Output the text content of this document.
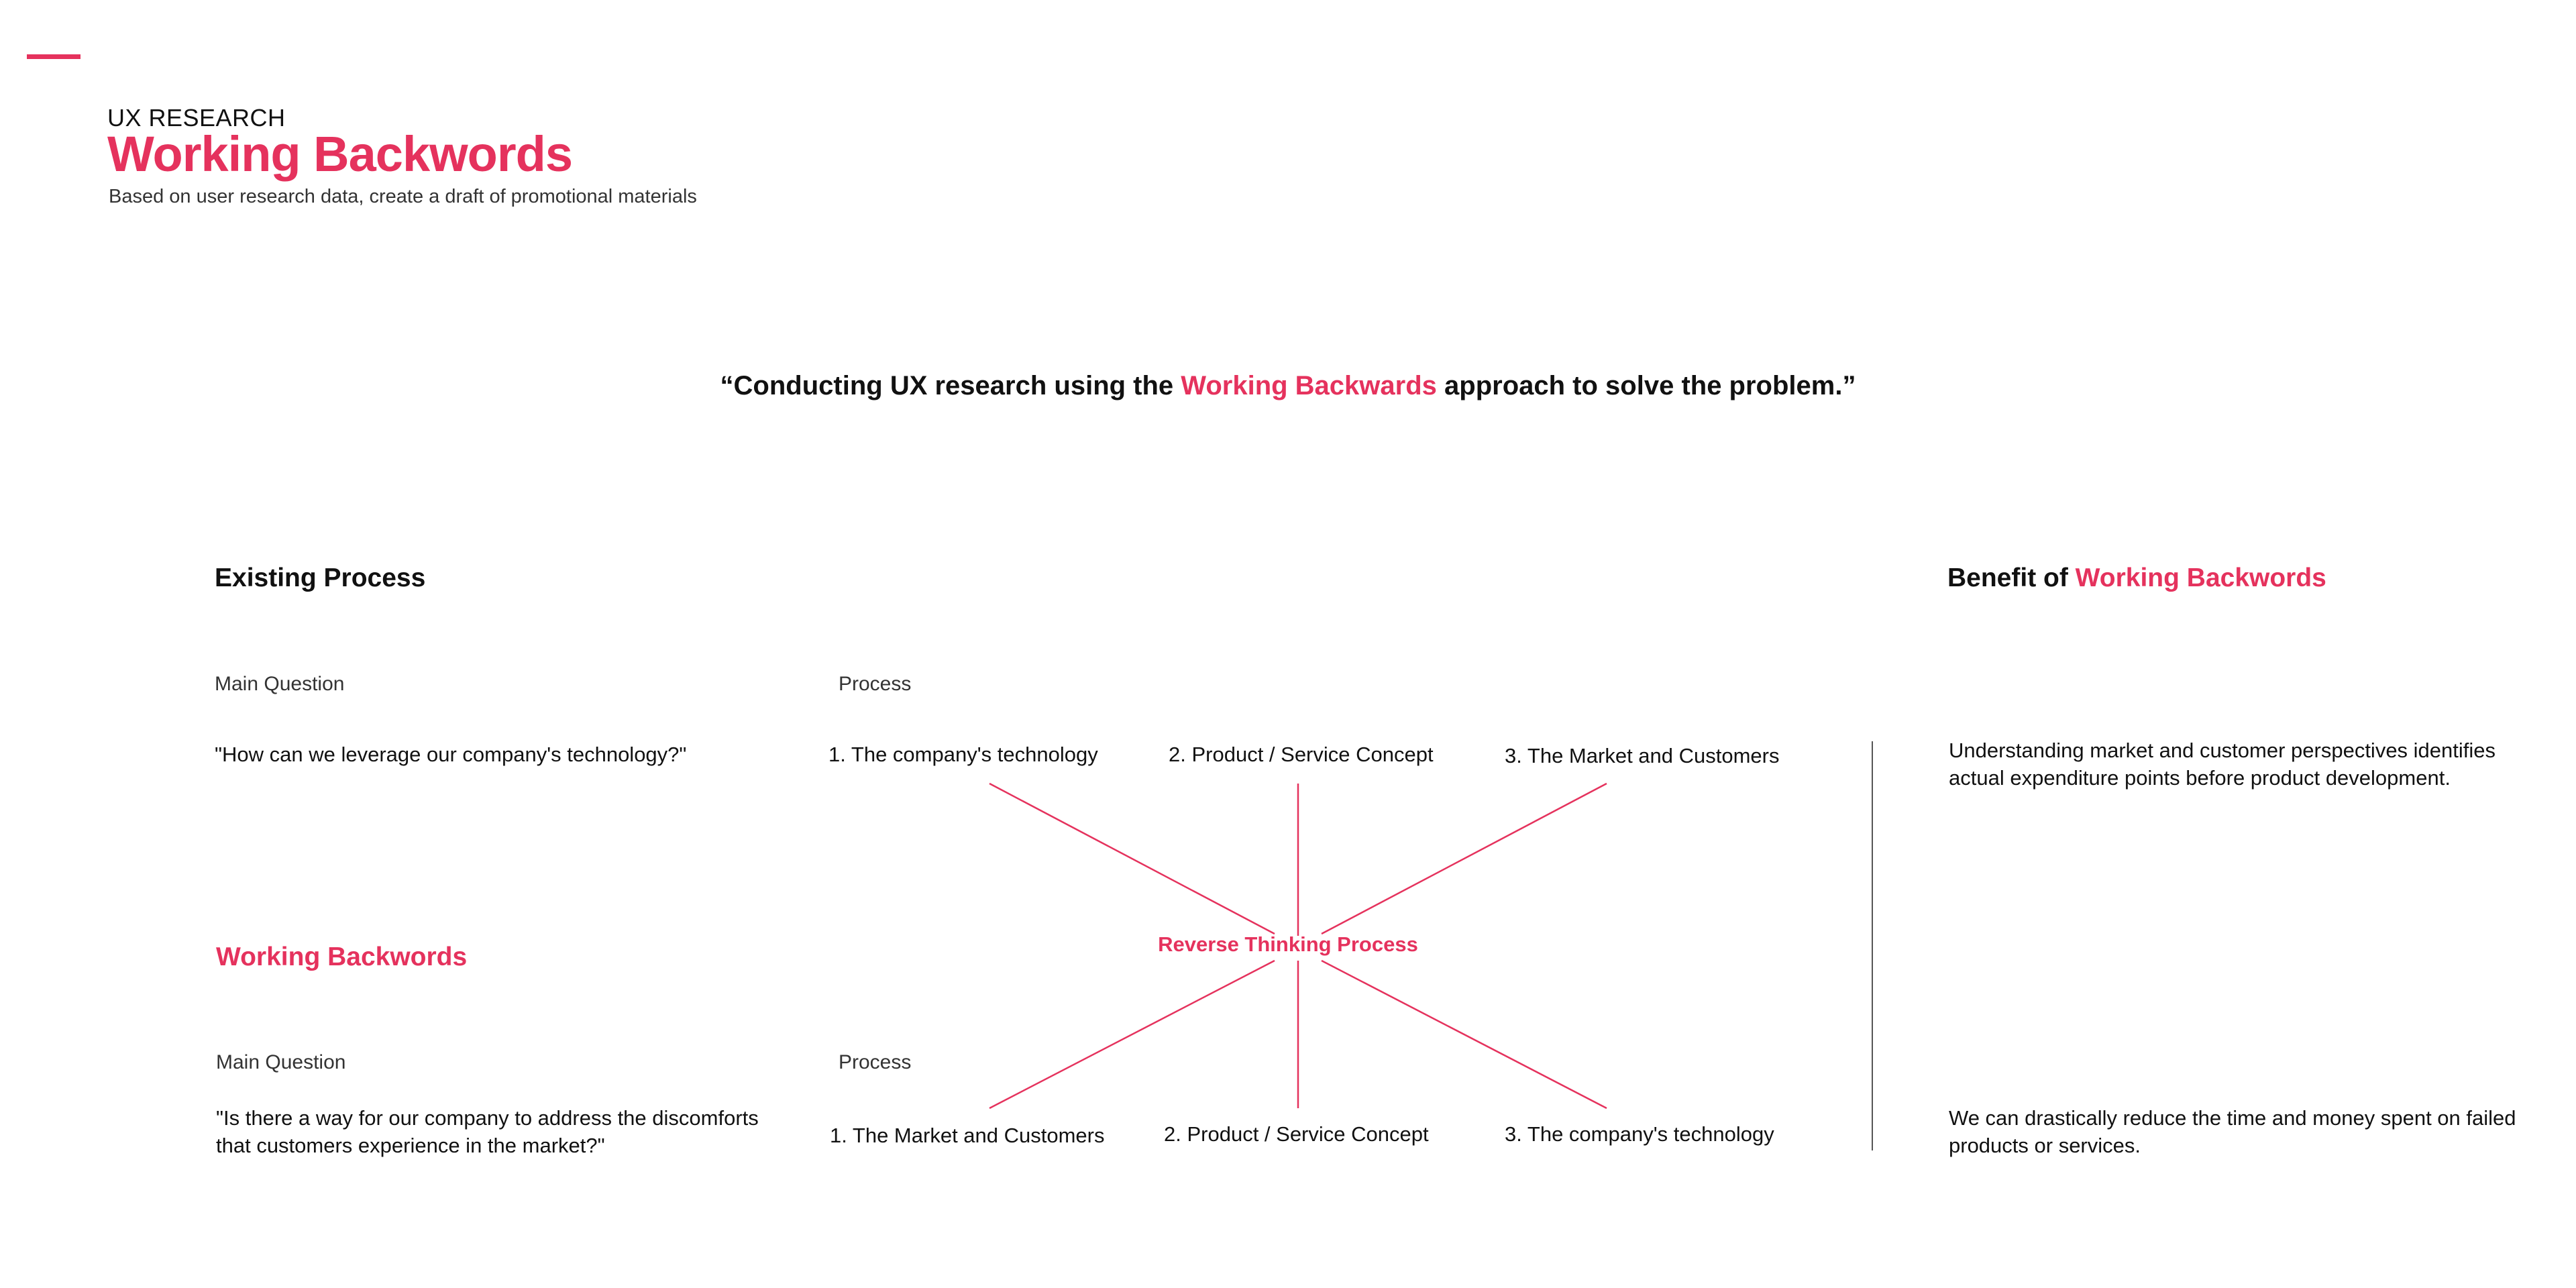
UX RESEARCH
Working Backwords
Based on user research data, create a draft of promotional materials
“Conducting UX research using the Working Backwards approach to solve the problem.”
Existing Process
Main Question	Process
"How can we leverage our company's technology?"	1. The company's technology	2. Product / Service Concept	3. The Market and Customers
Reverse Thinking Process
Working Backwords
Main Question	Process
"Is there a way for our company to address the discomforts that customers experience in the market?"	1. The Market and Customers	2. Product / Service Concept	3. The company's technology
Benefit of Working Backwords
Understanding market and customer perspectives identifies actual expenditure points before product development.
We can drastically reduce the time and money spent on failed products or services.
